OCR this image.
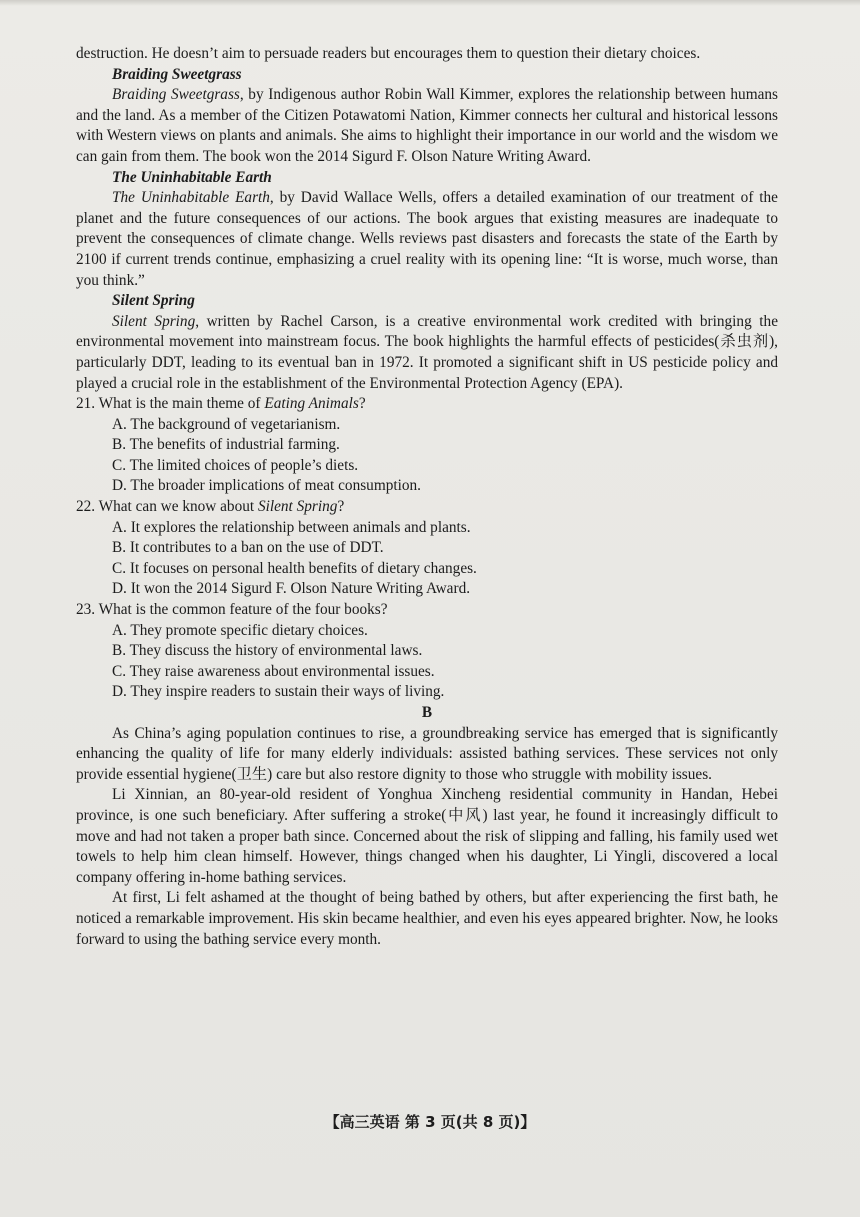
destruction. He doesn’t aim to persuade readers but encourages them to question their dietary choices.

Braiding Sweetgrass

Braiding Sweetgrass, by Indigenous author Robin Wall Kimmer, explores the relationship between humans and the land. As a member of the Citizen Potawatomi Nation, Kimmer connects her cultural and historical lessons with Western views on plants and animals. She aims to highlight their importance in our world and the wisdom we can gain from them. The book won the 2014 Sigurd F. Olson Nature Writing Award.

The Uninhabitable Earth

The Uninhabitable Earth, by David Wallace Wells, offers a detailed examination of our treatment of the planet and the future consequences of our actions. The book argues that existing measures are inadequate to prevent the consequences of climate change. Wells reviews past disasters and forecasts the state of the Earth by 2100 if current trends continue, emphasizing a cruel reality with its opening line: “It is worse, much worse, than you think.”

Silent Spring

Silent Spring, written by Rachel Carson, is a creative environmental work credited with bringing the environmental movement into mainstream focus. The book highlights the harmful effects of pesticides(杀虫剂), particularly DDT, leading to its eventual ban in 1972. It promoted a significant shift in US pesticide policy and played a crucial role in the establishment of the Environmental Protection Agency (EPA).

21. What is the main theme of Eating Animals?

A. The background of vegetarianism.

B. The benefits of industrial farming.

C. The limited choices of people’s diets.

D. The broader implications of meat consumption.

22. What can we know about Silent Spring?

A. It explores the relationship between animals and plants.

B. It contributes to a ban on the use of DDT.

C. It focuses on personal health benefits of dietary changes.

D. It won the 2014 Sigurd F. Olson Nature Writing Award.

23. What is the common feature of the four books?

A. They promote specific dietary choices.

B. They discuss the history of environmental laws.

C. They raise awareness about environmental issues.

D. They inspire readers to sustain their ways of living.

B

As China’s aging population continues to rise, a groundbreaking service has emerged that is significantly enhancing the quality of life for many elderly individuals: assisted bathing services. These services not only provide essential hygiene(卫生) care but also restore dignity to those who struggle with mobility issues.

Li Xinnian, an 80-year-old resident of Yonghua Xincheng residential community in Handan, Hebei province, is one such beneficiary. After suffering a stroke(中风) last year, he found it increasingly difficult to move and had not taken a proper bath since. Concerned about the risk of slipping and falling, his family used wet towels to help him clean himself. However, things changed when his daughter, Li Yingli, discovered a local company offering in-home bathing services.

At first, Li felt ashamed at the thought of being bathed by others, but after experiencing the first bath, he noticed a remarkable improvement. His skin became healthier, and even his eyes appeared brighter. Now, he looks forward to using the bathing service every month.

【高三英语 第 3 页(共 8 页)】
